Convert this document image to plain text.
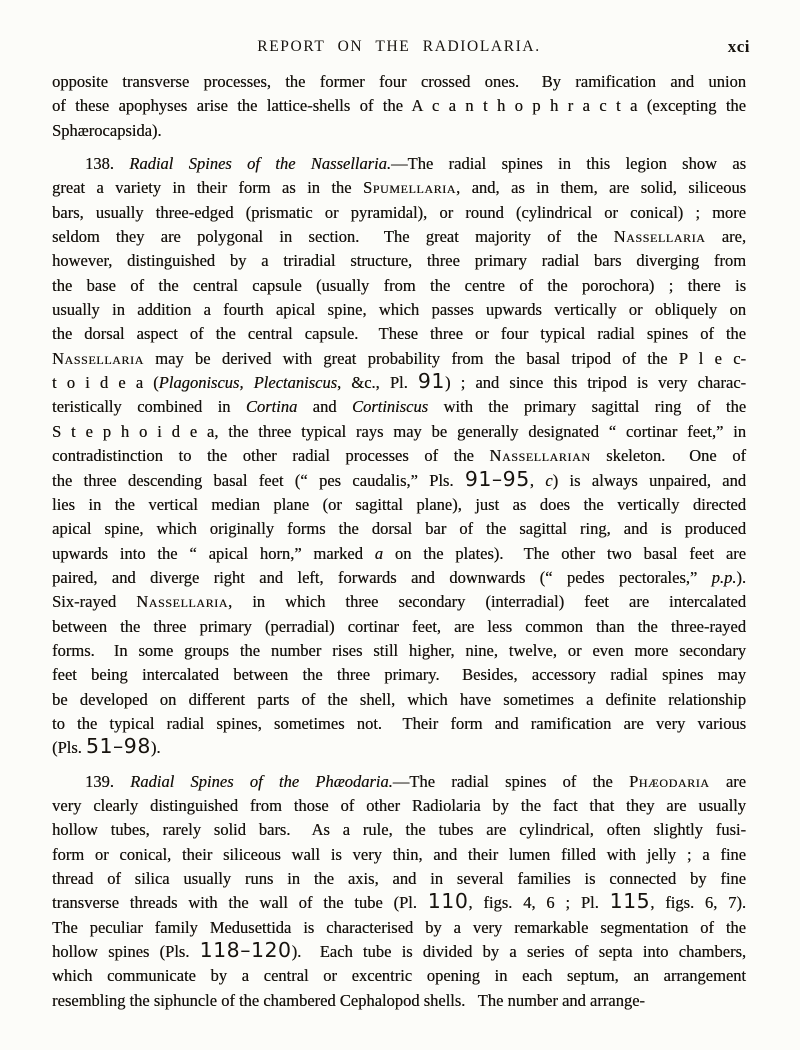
REPORT ON THE RADIOLARIA.	xci

opposite transverse processes, the former four crossed ones.  By ramification and union
of these apophyses arise the lattice-shells of the A c a n t h o p h r a c t a (excepting the
Sphærocapsida).

138. Radial Spines of the Nassellaria.—The radial spines in this legion show as
great a variety in their form as in the Spumellaria, and, as in them, are solid, siliceous
bars, usually three-edged (prismatic or pyramidal), or round (cylindrical or conical) ; more
seldom they are polygonal in section.  The great majority of the Nassellaria are,
however, distinguished by a triradial structure, three primary radial bars diverging from
the base of the central capsule (usually from the centre of the porochora) ; there is
usually in addition a fourth apical spine, which passes upwards vertically or obliquely on
the dorsal aspect of the central capsule.  These three or four typical radial spines of the
Nassellaria may be derived with great probability from the basal tripod of the P l e c-
t o i d e a (Plagoniscus, Plectaniscus, &c., Pl. 91) ; and since this tripod is very charac-
teristically combined in Cortina and Cortiniscus with the primary sagittal ring of the
S t e p h o i d e a, the three typical rays may be generally designated “ cortinar feet,” in
contradistinction to the other radial processes of the Nassellarian skeleton.  One of
the three descending basal feet (“ pes caudalis,” Pls. 91–95, c) is always unpaired, and
lies in the vertical median plane (or sagittal plane), just as does the vertically directed
apical spine, which originally forms the dorsal bar of the sagittal ring, and is produced
upwards into the “ apical horn,” marked a on the plates).  The other two basal feet are
paired, and diverge right and left, forwards and downwards (“ pedes pectorales,” p.p.).
Six-rayed Nassellaria, in which three secondary (interradial) feet are intercalated
between the three primary (perradial) cortinar feet, are less common than the three-rayed
forms.  In some groups the number rises still higher, nine, twelve, or even more secondary
feet being intercalated between the three primary.  Besides, accessory radial spines may
be developed on different parts of the shell, which have sometimes a definite relationship
to the typical radial spines, sometimes not.  Their form and ramification are very various
(Pls. 51–98).

139. Radial Spines of the Phæodaria.—The radial spines of the Phæodaria are
very clearly distinguished from those of other Radiolaria by the fact that they are usually
hollow tubes, rarely solid bars.  As a rule, the tubes are cylindrical, often slightly fusi-
form or conical, their siliceous wall is very thin, and their lumen filled with jelly ; a fine
thread of silica usually runs in the axis, and in several families is connected by fine
transverse threads with the wall of the tube (Pl. 110, figs. 4, 6 ; Pl. 115, figs. 6, 7).
The peculiar family Medusettida is characterised by a very remarkable segmentation of the
hollow spines (Pls. 118–120).  Each tube is divided by a series of septa into chambers,
which communicate by a central or excentric opening in each septum, an arrangement
resembling the siphuncle of the chambered Cephalopod shells.  The number and arrange-
